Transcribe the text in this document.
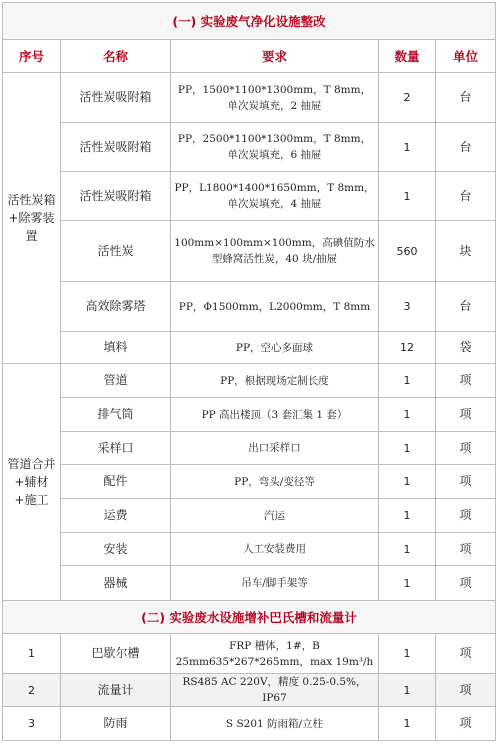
(一) 实验废气净化设施整改				
序号	名称	要求	数量	单位
活性炭箱 +除雾装置	活性炭吸附箱	PP，1500*1100*1300mm，T 8mm，单次炭填充，2 抽屉	2	台
	活性炭吸附箱	PP，2500*1100*1300mm，T 8mm，单次炭填充，6 抽屉	1	台
	活性炭吸附箱	PP，L1800*1400*1650mm，T 8mm，单次炭填充，4 抽屉	1	台
	活性炭	100mm×100mm×100mm，高碘值防水型蜂窝活性炭，40 块/抽屉	560	块
	高效除雾塔	PP，Φ1500mm，L2000mm，T 8mm	3	台
	填料	PP，空心多面球	12	袋
管道合并+辅材+施工	管道	PP，根据现场定制长度	1	项
	排气筒	PP 高出楼顶（3 套汇集 1 套）	1	项
	采样口	出口采样口	1	项
	配件	PP，弯头/变径等	1	项
	运费	汽运	1	项
	安装	人工安装费用	1	项
	器械	吊车/脚手架等	1	项
(二) 实验废水设施增补巴氏槽和流量计				
1	巴歇尔槽	FRP 槽体，1#，B 25mm635*267*265mm，max 19m³/h	1	项
2	流量计	RS485 AC 220V，精度 0.25-0.5%，IP67	1	项
3	防雨	S S201 防雨箱/立柱	1	项
